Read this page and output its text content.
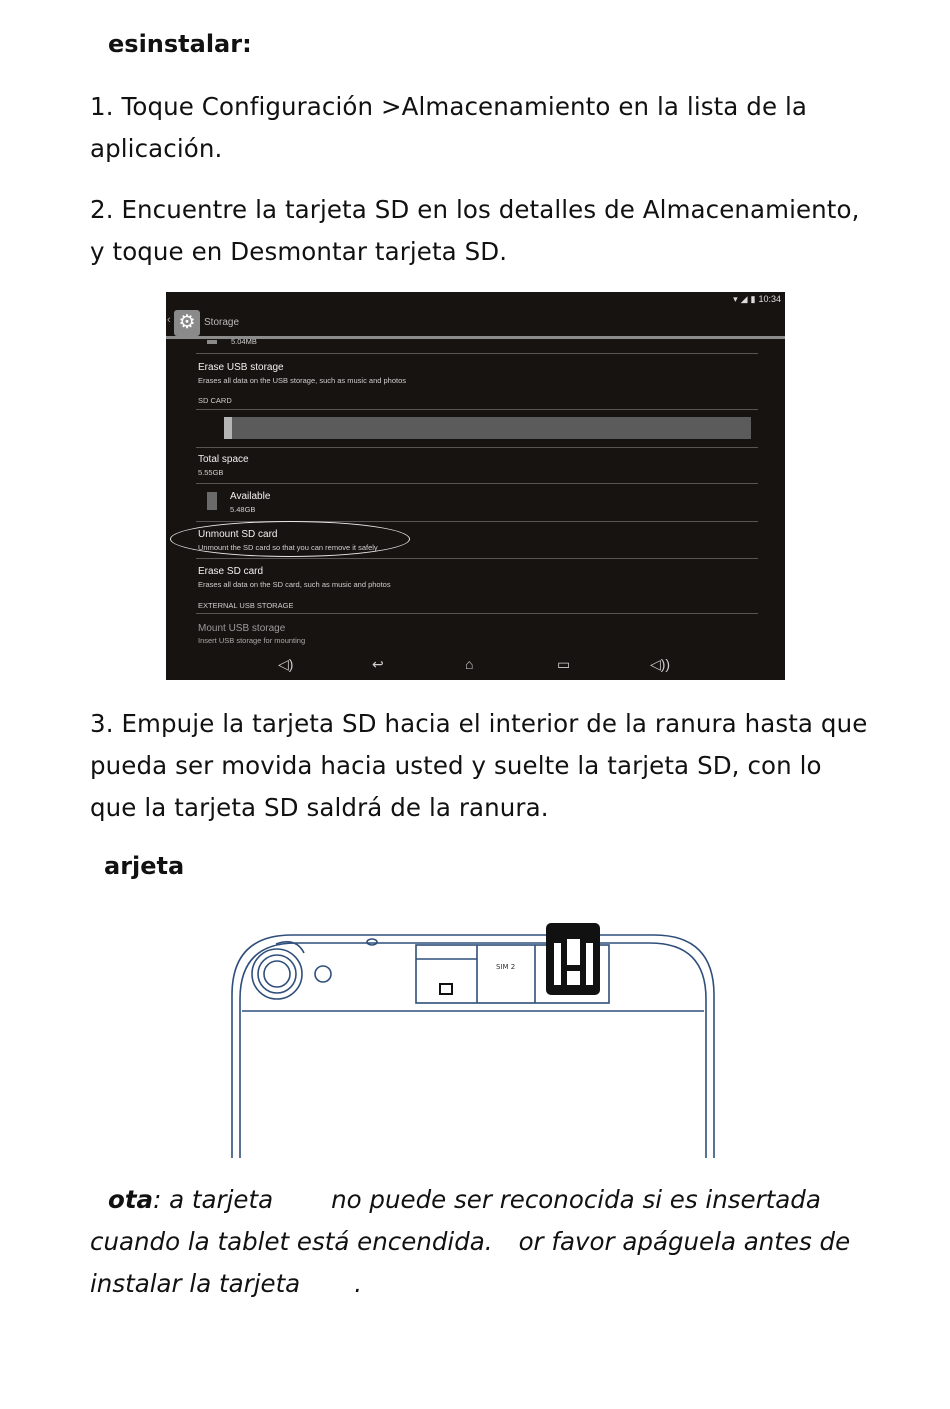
esinstalar:
1. Toque Configuración >Almacenamiento en la lista de la aplicación.
2. Encuentre la tarjeta SD en los detalles de Almacenamiento, y toque en Desmontar tarjeta SD.
▾ ◢ ▮ 10:34
‹ ⚙ Storage
5.04MB
Erase USB storage
Erases all data on the USB storage, such as music and photos
SD CARD
Total space
5.55GB
Available
5.48GB
Unmount SD card
Unmount the SD card so that you can remove it safely
Erase SD card
Erases all data on the SD card, such as music and photos
EXTERNAL USB STORAGE
Mount USB storage
Insert USB storage for mounting
◁)	↩	⌂	▭	◁))
3. Empuje la tarjeta SD hacia el interior de la ranura hasta que pueda ser movida hacia usted y suelte la tarjeta SD, con lo que la tarjeta SD saldrá de la ranura.
arjeta
SIM 2
ota: a tarjeta no puede ser reconocida si es insertada cuando la tablet está encendida. or favor apáguela antes de instalar la tarjeta .
